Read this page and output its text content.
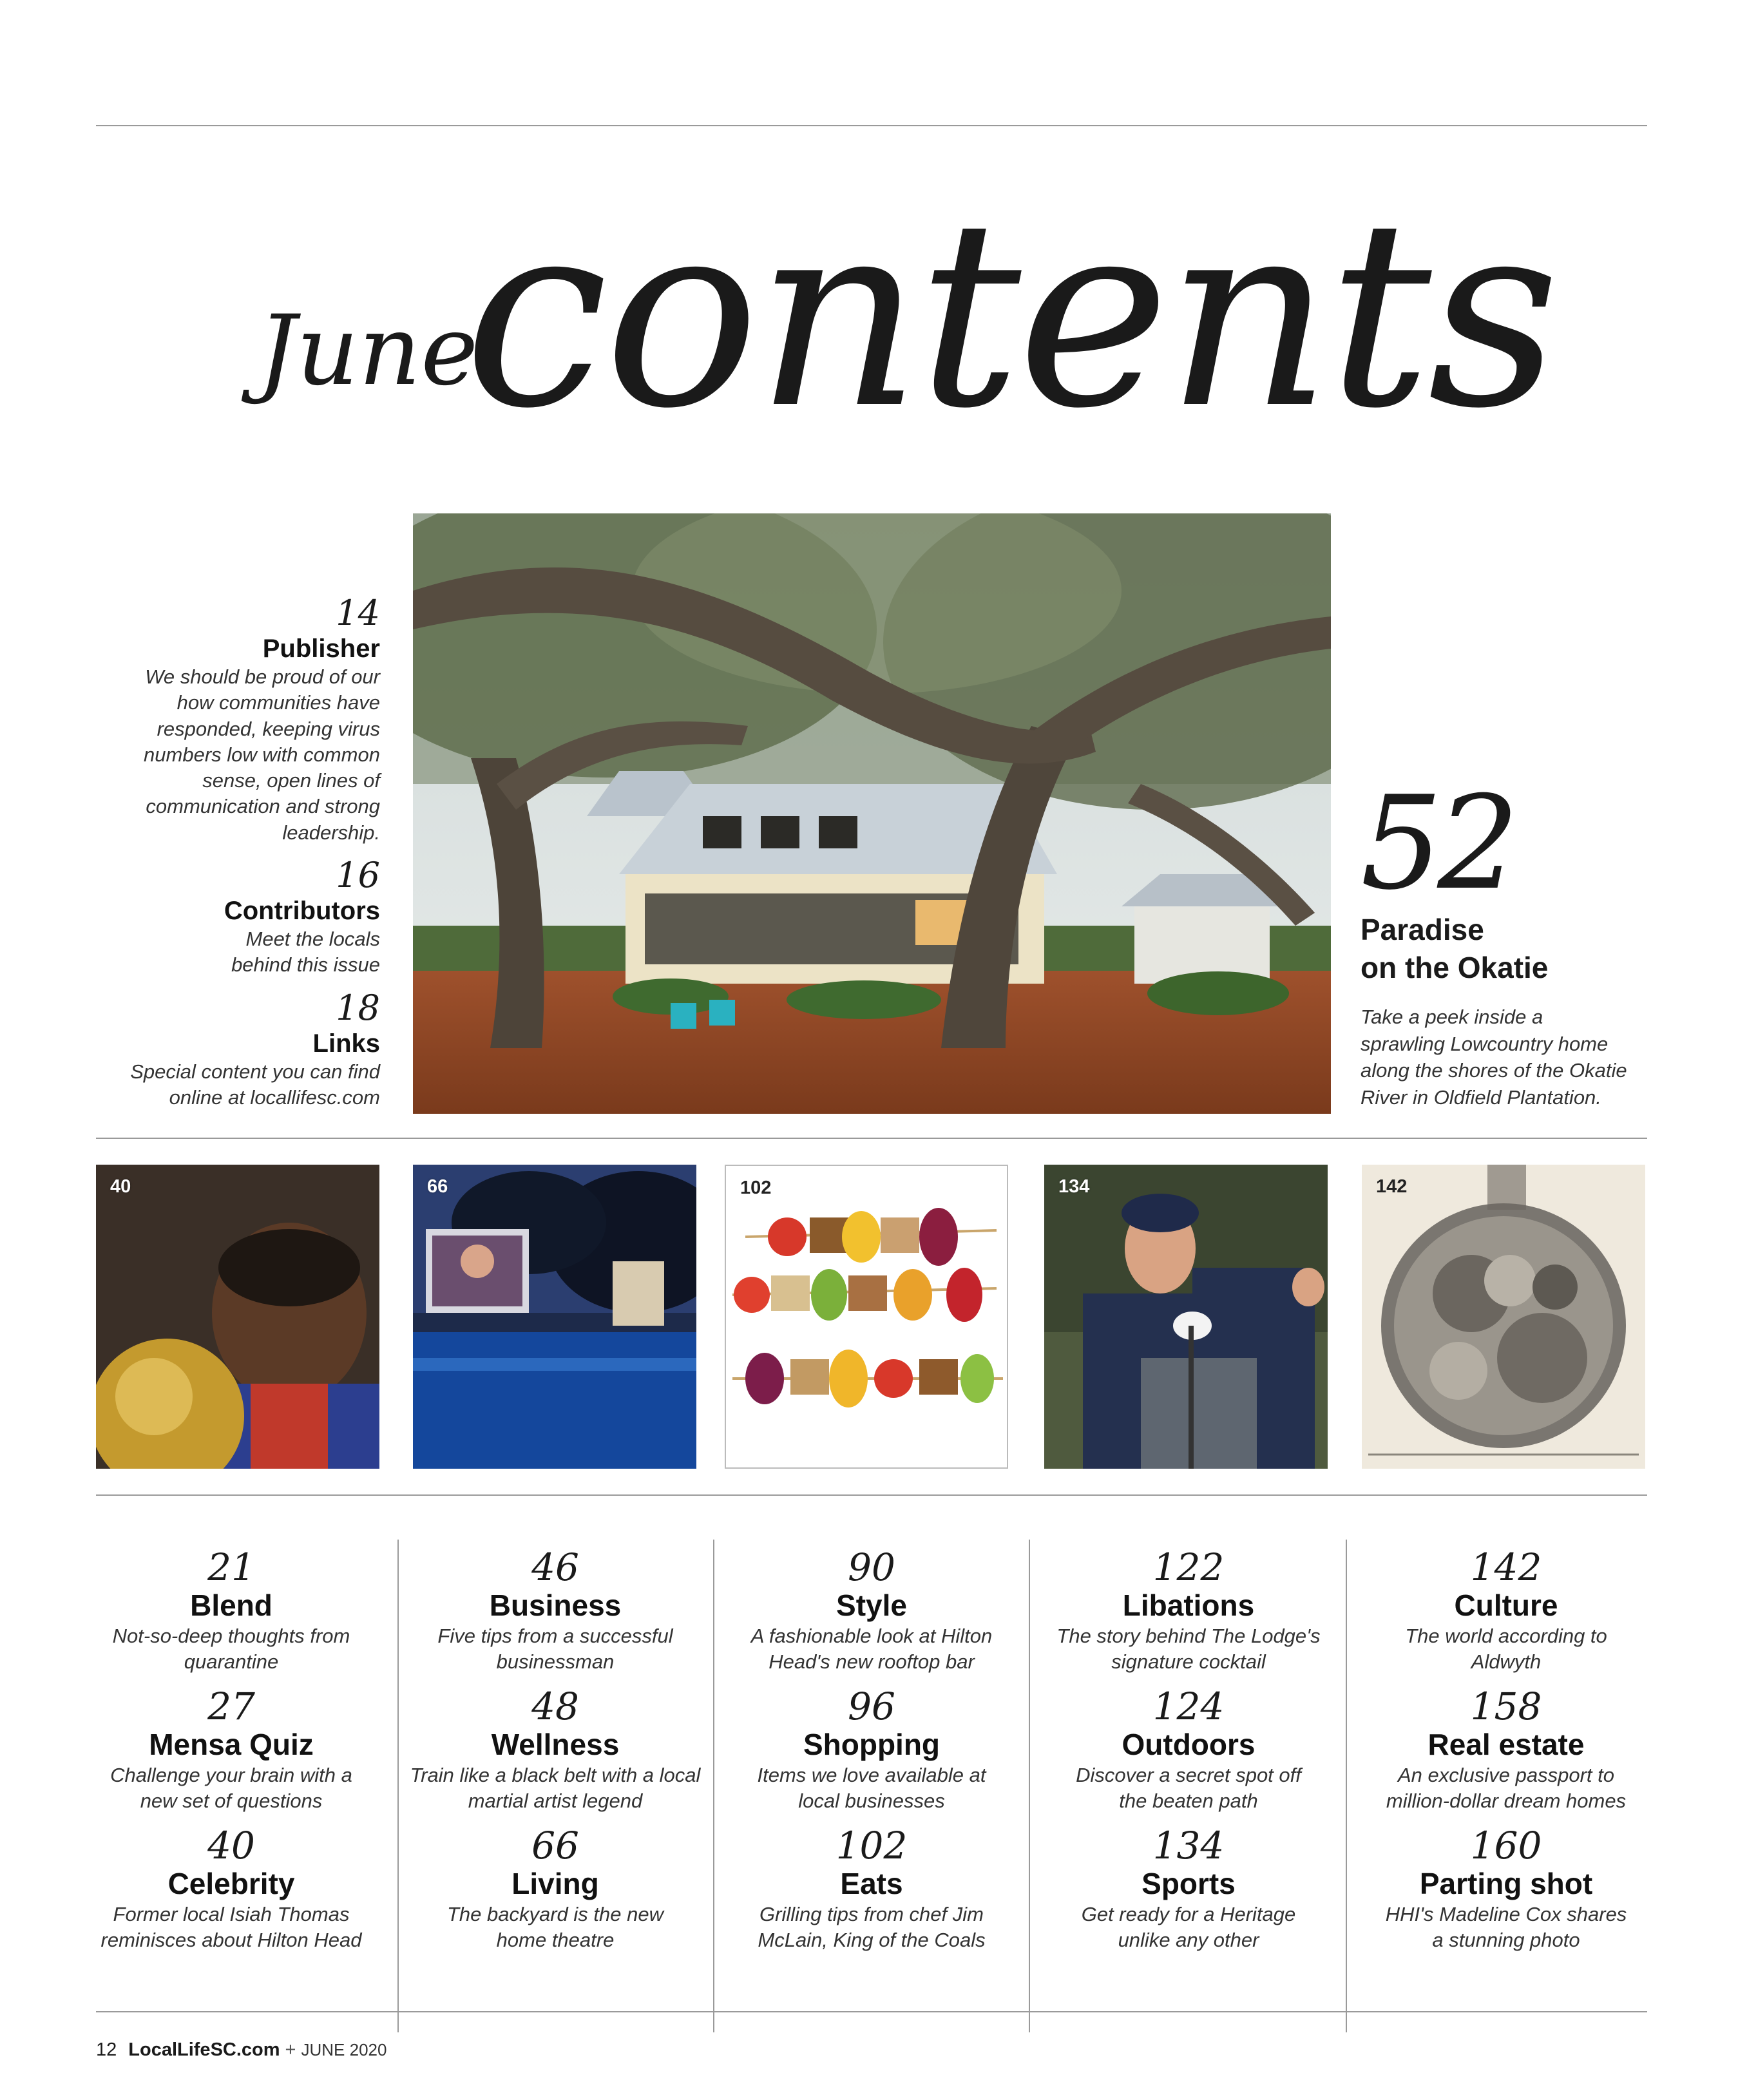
June
contents
14
Publisher
We should be proud of our how communities have responded, keeping virus numbers low with common sense, open lines of communication and strong leadership.
16
Contributors
Meet the locals behind this issue
18
Links
Special content you can find online at locallifesc.com
52
Paradise
on the Okatie
Take a peek inside a sprawling Lowcountry home along the shores of the Okatie River in Oldfield Plantation.
40	66	102	134	142
21
Blend
Not-so-deep thoughts from quarantine
27
Mensa Quiz
Challenge your brain with a new set of questions
40
Celebrity
Former local Isiah Thomas reminisces about Hilton Head
46
Business
Five tips from a successful businessman
48
Wellness
Train like a black belt with a local martial artist legend
66
Living
The backyard is the new home theatre
90
Style
A fashionable look at Hilton Head's new rooftop bar
96
Shopping
Items we love available at local businesses
102
Eats
Grilling tips from chef Jim McLain, King of the Coals
122
Libations
The story behind The Lodge's signature cocktail
124
Outdoors
Discover a secret spot off the beaten path
134
Sports
Get ready for a Heritage unlike any other
142
Culture
The world according to Aldwyth
158
Real estate
An exclusive passport to million-dollar dream homes
160
Parting shot
HHI's Madeline Cox shares a stunning photo
12 LocalLifeSC.com + JUNE 2020
